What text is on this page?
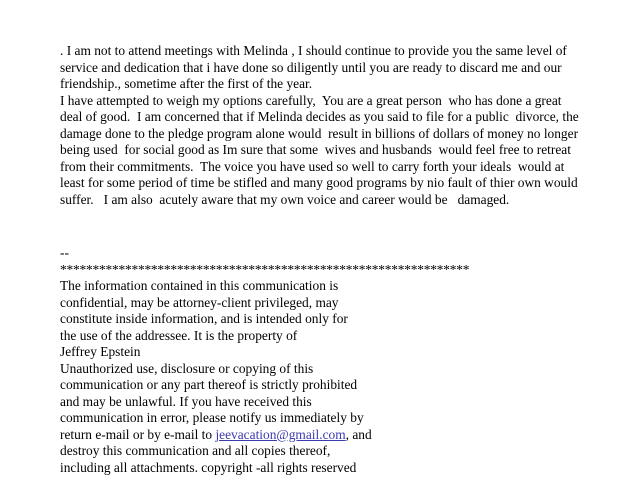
. I am not to attend meetings with Melinda , I should continue to provide you the same level of
service and dedication that i have done so diligently until you are ready to discard me and our
friendship., sometime after the first of the year.
I have attempted to weigh my options carefully,  You are a great person  who has done a great
deal of good.  I am concerned that if Melinda decides as you said to file for a public  divorce, the
damage done to the pledge program alone would  result in billions of dollars of money no longer
being used  for social good as Im sure that some  wives and husbands  would feel free to retreat
from their commitments.  The voice you have used so well to carry forth your ideals  would at
least for some period of time be stifled and many good programs by nio fault of thier own would
suffer.   I am also  acutely aware that my own voice and career would be   damaged.
--
***************************************************************
The information contained in this communication is
confidential, may be attorney-client privileged, may
constitute inside information, and is intended only for
the use of the addressee. It is the property of
Jeffrey Epstein
Unauthorized use, disclosure or copying of this
communication or any part thereof is strictly prohibited
and may be unlawful. If you have received this
communication in error, please notify us immediately by
return e-mail or by e-mail to jeevacation@gmail.com, and
destroy this communication and all copies thereof,
including all attachments. copyright -all rights reserved
